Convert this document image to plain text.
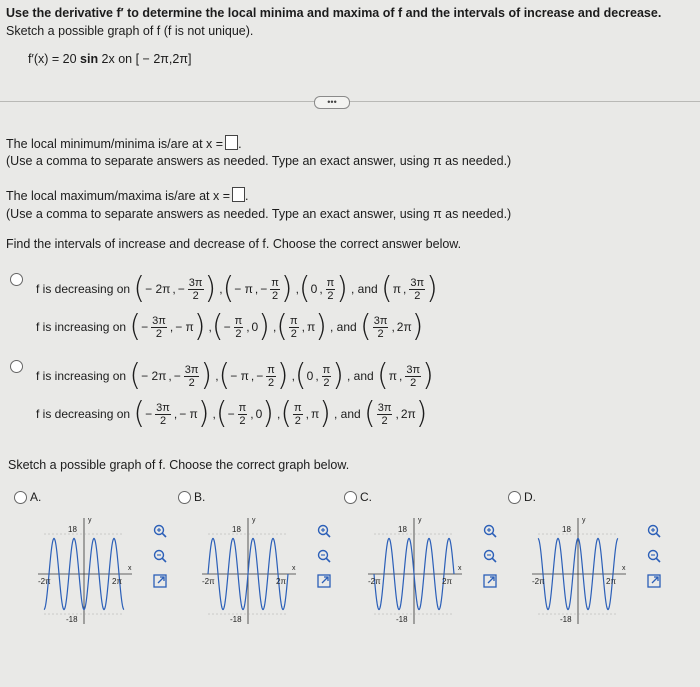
Use the derivative f′ to determine the local minima and maxima of f and the intervals of increase and decrease.
Sketch a possible graph of f (f is not unique).
f′(x) = 20 sin 2x on [ − 2π,2π]
•••
The local minimum/minima is/are at x = .
(Use a comma to separate answers as needed. Type an exact answer, using π as needed.)
The local maximum/maxima is/are at x = .
(Use a comma to separate answers as needed. Type an exact answer, using π as needed.)
Find the intervals of increase and decrease of f. Choose the correct answer below.
f is decreasing on
( − 2π , − $\frac{3\pi}{2}$ ) , ( − π , − $\frac{\pi}{2}$ ) , ( 0 , $\frac{\pi}{2}$ ) ,
and
( π , $\frac{3\pi}{2}$ )
f is increasing on
( − $\frac{3\pi}{2}$ , − π ) , ( − $\frac{\pi}{2}$ , 0 ) , ( $\frac{\pi}{2}$ , π ) ,
and
( $\frac{3\pi}{2}$ , 2π )
f is increasing on
( − 2π , − $\frac{3\pi}{2}$ ) , ( − π , − $\frac{\pi}{2}$ ) , ( 0 , $\frac{\pi}{2}$ ) ,
and
( π , $\frac{3\pi}{2}$ )
f is decreasing on
( − $\frac{3\pi}{2}$ , − π ) , ( − $\frac{\pi}{2}$ , 0 ) , ( $\frac{\pi}{2}$ , π ) ,
and
( $\frac{3\pi}{2}$ , 2π )
Sketch a possible graph of f. Choose the correct graph below.
A.
18
-18
-2π	2π
x
y
B.
18
-18
-2π	2π
x
y
C.
18
-18
-2π	2π
x
y
D.
18
-18
-2π	2π
x
y
